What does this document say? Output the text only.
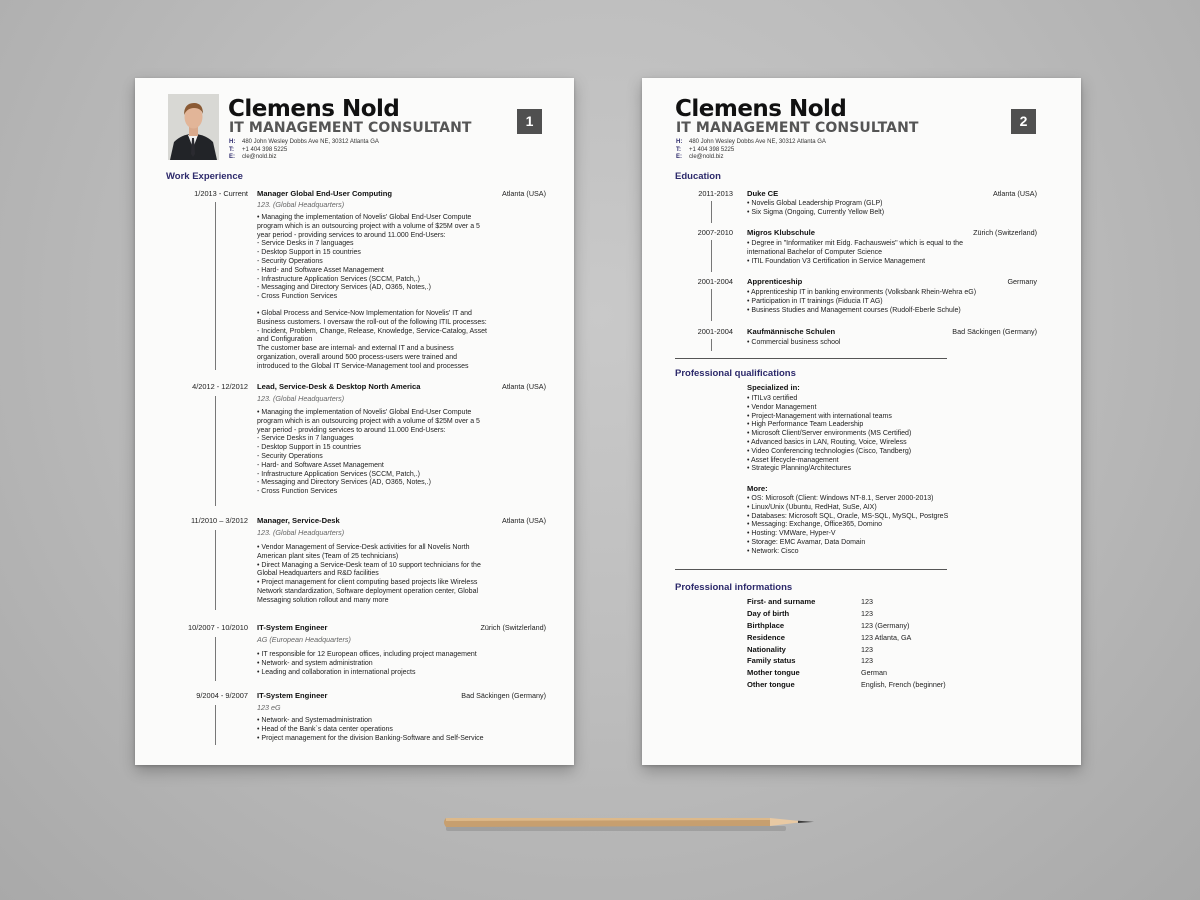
Clemens Nold
IT MANAGEMENT CONSULTANT
H: 480 John Wesley Dobbs Ave NE, 30312 Atlanta GA
T: +1 404 398 5225
E: cle@nold.biz
1
Work Experience
1/2013 - Current Manager Global End-User Computing	Atlanta (USA)
123. (Global Headquarters)
• Managing the implementation of Novelis' Global End-User Compute
program which is an outsourcing project with a volume of $25M over a 5
year period - providing services to around 11.000 End-Users:
- Service Desks in 7 languages
- Desktop Support in 15 countries
- Security Operations
- Hard- and Software Asset Management
- Infrastructure Application Services (SCCM, Patch,.)
- Messaging and Directory Services (AD, O365, Notes,.)
- Cross Function Services
• Global Process and Service-Now Implementation for Novelis' IT and
Business customers. I oversaw the roll-out of the following ITIL processes:
- Incident, Problem, Change, Release, Knowledge, Service-Catalog, Asset
and Configuration
The customer base are internal- and external IT and a business
organization, overall around 500 process-users were trained and
introduced to the Global IT Service-Management tool and processes
4/2012 - 12/2012 Lead, Service-Desk & Desktop North America	Atlanta (USA)
123. (Global Headquarters)
• Managing the implementation of Novelis' Global End-User Compute
program which is an outsourcing project with a volume of $25M over a 5
year period - providing services to around 11.000 End-Users:
- Service Desks in 7 languages
- Desktop Support in 15 countries
- Security Operations
- Hard- and Software Asset Management
- Infrastructure Application Services (SCCM, Patch,.)
- Messaging and Directory Services (AD, O365, Notes,.)
- Cross Function Services
11/2010 – 3/2012 Manager, Service-Desk	Atlanta (USA)
123. (Global Headquarters)
• Vendor Management of Service-Desk activities for all Novelis North
American plant sites (Team of 25 technicians)
• Direct Managing a Service-Desk team of 10 support technicians for the
Global Headquarters and R&D facilities
• Project management for client computing based projects like Wireless
Network standardization, Software deployment operation center, Global
Messaging solution rollout and many more
10/2007 - 10/2010 IT-System Engineer	Zürich (Switzlerland)
AG (European Headquarters)
• IT responsible for 12 European offices, including project management
• Network- and system administration
• Leading and collaboration in international projects
9/2004 - 9/2007 IT-System Engineer	Bad Säckingen (Germany)
123 eG
• Network- and Systemadministration
• Head of the Bank`s data center operations
• Project management for the division Banking-Software and Self-Service
Clemens Nold
IT MANAGEMENT CONSULTANT
H: 480 John Wesley Dobbs Ave NE, 30312 Atlanta GA
T: +1 404 398 5225
E: cle@nold.biz
2
Education
2011-2013 Duke CE	Atlanta (USA)
• Novelis Global Leadership Program (GLP)
• Six Sigma (Ongoing, Currently Yellow Belt)
2007-2010 Migros Klubschule	Zürich (Switzerland)
• Degree in "Informatiker mit Eidg. Fachausweis" which is equal to the
international Bachelor of Computer Science
• ITIL Foundation V3 Certification in Service Management
2001-2004 Apprenticeship	Germany
• Apprenticeship IT in banking environments (Volksbank Rhein-Wehra eG)
• Participation in IT trainings (Fiducia IT AG)
• Business Studies and Management courses (Rudolf-Eberle Schule)
2001-2004 Kaufmännische Schulen	Bad Säckingen (Germany)
• Commercial business school
Professional qualifications
Specialized in:
• ITILv3 certified
• Vendor Management
• Project-Management with international teams
• High Performance Team Leadership
• Microsoft Client/Server environments (MS Certified)
• Advanced basics in LAN, Routing, Voice, Wireless
• Video Conferencing technologies (Cisco, Tandberg)
• Asset lifecycle-management
• Strategic Planning/Architectures
More:
• OS: Microsoft (Client: Windows NT-8.1, Server 2000-2013)
• Linux/Unix (Ubuntu, RedHat, SuSe, AIX)
• Databases: Microsoft SQL, Oracle, MS-SQL, MySQL, PostgreS
• Messaging: Exchange, Office365, Domino
• Hosting: VMWare, Hyper-V
• Storage: EMC Avamar, Data Domain
• Network: Cisco
Professional informations
First- and surname	123
Day of birth	123
Birthplace	123 (Germany)
Residence	123 Atlanta, GA
Nationality	123
Family status	123
Mother tongue	German
Other tongue	English, French (beginner)
